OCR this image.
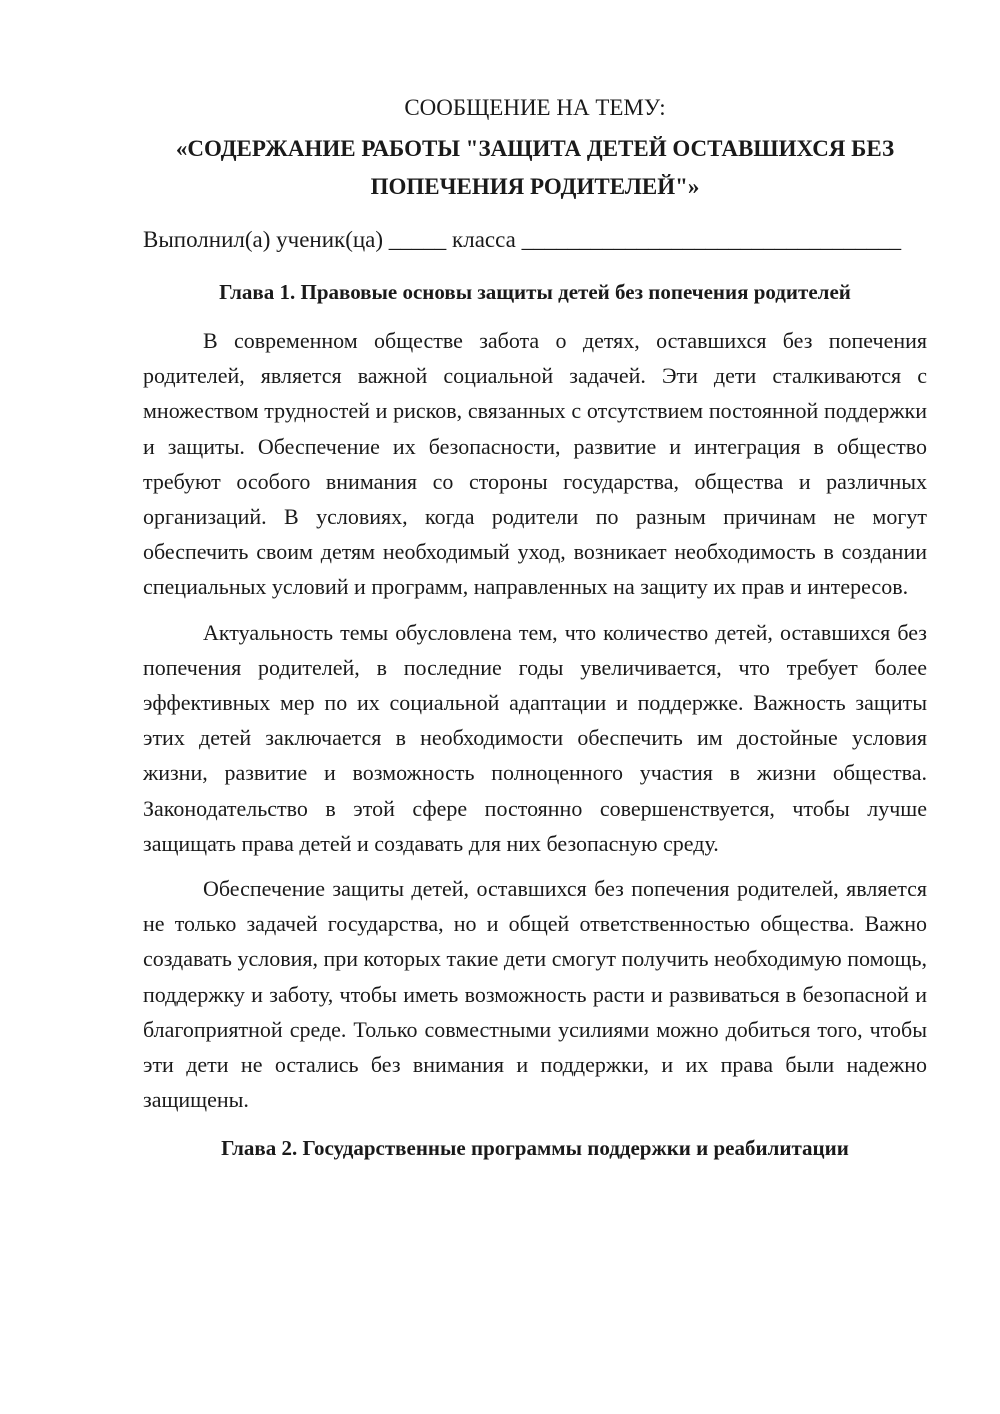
СООБЩЕНИЕ НА ТЕМУ:
«СОДЕРЖАНИЕ РАБОТЫ "ЗАЩИТА ДЕТЕЙ ОСТАВШИХСЯ БЕЗ ПОПЕЧЕНИЯ РОДИТЕЛЕЙ"»
Выполнил(а) ученик(ца) _____ класса _________________________________
Глава 1. Правовые основы защиты детей без попечения родителей

В современном обществе забота о детях, оставшихся без попечения родителей, является важной социальной задачей. Эти дети сталкиваются с множеством трудностей и рисков, связанных с отсутствием постоянной поддержки и защиты. Обеспечение их безопасности, развитие и интеграция в общество требуют особого внимания со стороны государства, общества и различных организаций. В условиях, когда родители по разным причинам не могут обеспечить своим детям необходимый уход, возникает необходимость в создании специальных условий и программ, направленных на защиту их прав и интересов.

Актуальность темы обусловлена тем, что количество детей, оставшихся без попечения родителей, в последние годы увеличивается, что требует более эффективных мер по их социальной адаптации и поддержке. Важность защиты этих детей заключается в необходимости обеспечить им достойные условия жизни, развитие и возможность полноценного участия в жизни общества. Законодательство в этой сфере постоянно совершенствуется, чтобы лучше защищать права детей и создавать для них безопасную среду.

Обеспечение защиты детей, оставшихся без попечения родителей, является не только задачей государства, но и общей ответственностью общества. Важно создавать условия, при которых такие дети смогут получить необходимую помощь, поддержку и заботу, чтобы иметь возможность расти и развиваться в безопасной и благоприятной среде. Только совместными усилиями можно добиться того, чтобы эти дети не остались без внимания и поддержки, и их права были надежно защищены.

Глава 2. Государственные программы поддержки и реабилитации
